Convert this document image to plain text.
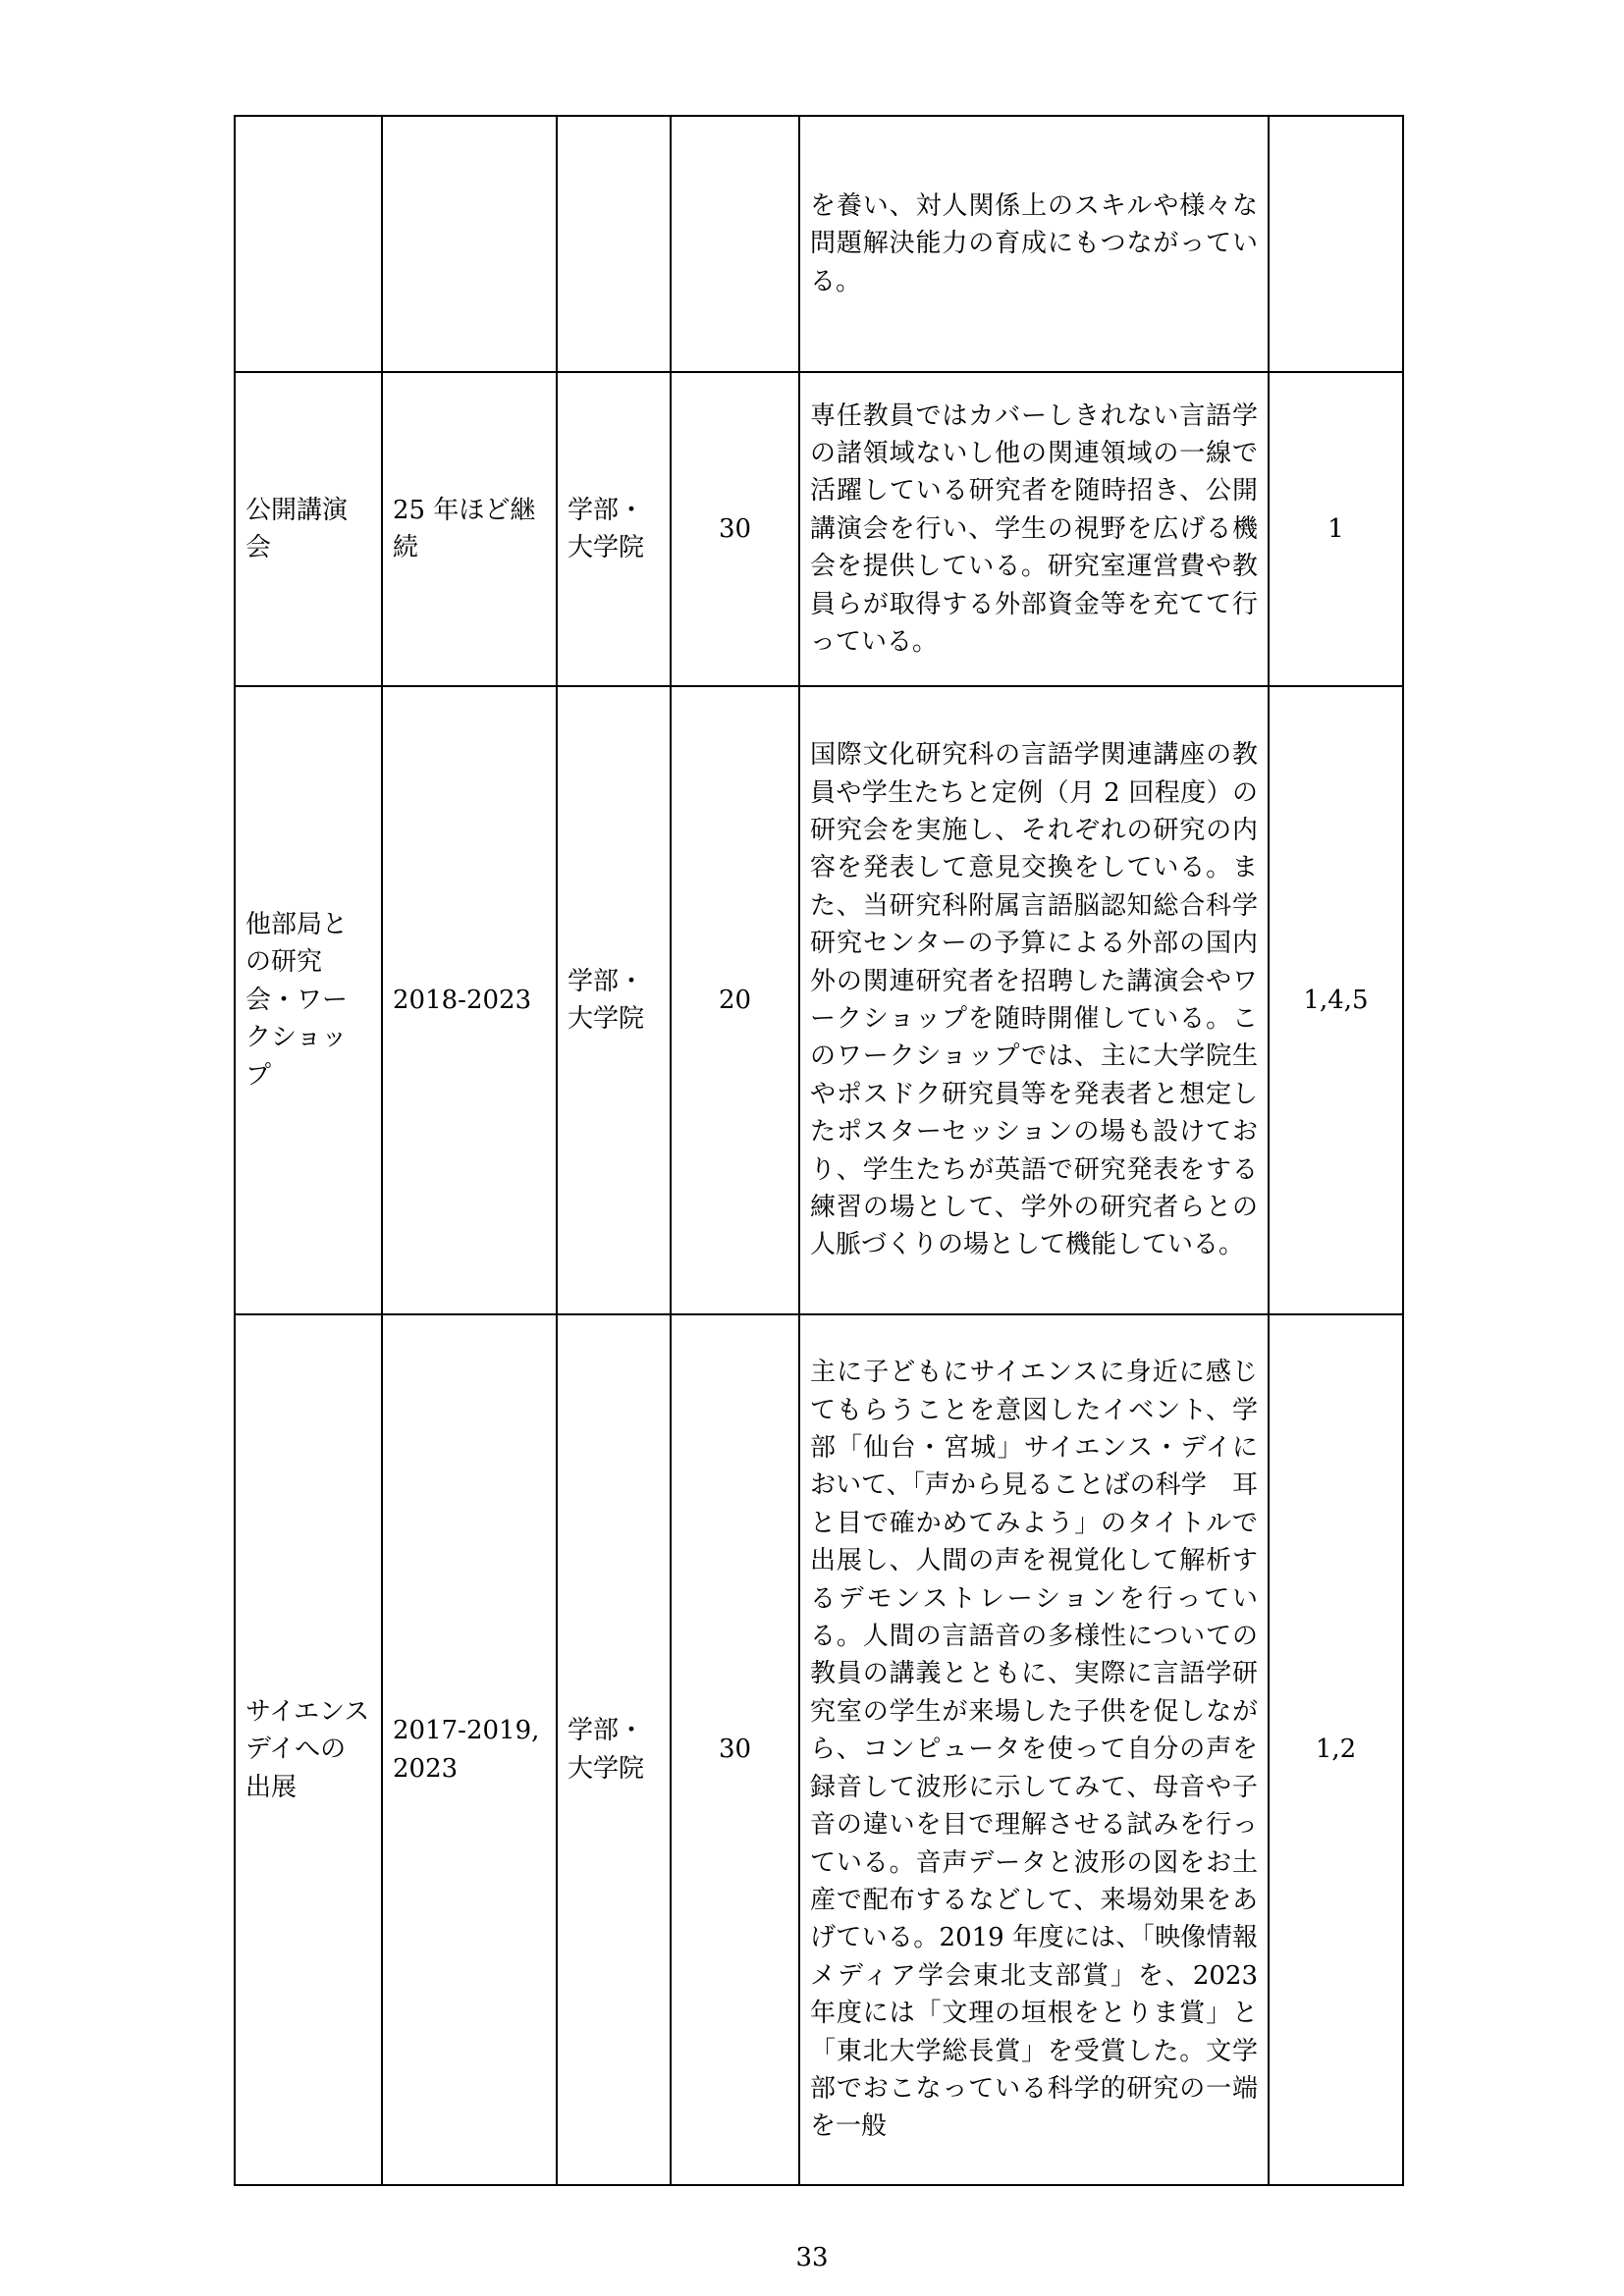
				を養い、対人関係上のスキルや様々な問題解決能力の育成にもつながっている。	
公開講演会	25 年ほど継続	学部・大学院	30	専任教員ではカバーしきれない言語学の諸領域ないし他の関連領域の一線で活躍している研究者を随時招き、公開講演会を行い、学生の視野を広げる機会を提供している。研究室運営費や教員らが取得する外部資金等を充てて行っている。	1
他部局との研究会・ワークショップ	2018-2023	学部・大学院	20	国際文化研究科の言語学関連講座の教員や学生たちと定例（月 2 回程度）の研究会を実施し、それぞれの研究の内容を発表して意見交換をしている。また、当研究科附属言語脳認知総合科学研究センターの予算による外部の国内外の関連研究者を招聘した講演会やワークショップを随時開催している。このワークショップでは、主に大学院生やポスドク研究員等を発表者と想定したポスターセッションの場も設けており、学生たちが英語で研究発表をする練習の場として、学外の研究者らとの人脈づくりの場として機能している。	1,4,5
サイエンスデイへの出展	2017-2019, 2023	学部・大学院	30	主に子どもにサイエンスに身近に感じてもらうことを意図したイベント、学部「仙台・宮城」サイエンス・デイにおいて、「声から見ることばの科学　耳と目で確かめてみよう」のタイトルで出展し、人間の声を視覚化して解析するデモンストレーションを行っている。人間の言語音の多様性についての教員の講義とともに、実際に言語学研究室の学生が来場した子供を促しながら、コンピュータを使って自分の声を録音して波形に示してみて、母音や子音の違いを目で理解させる試みを行っている。音声データと波形の図をお土産で配布するなどして、来場効果をあげている。2019 年度には、「映像情報メディア学会東北支部賞」を、2023 年度には「文理の垣根をとりま賞」と「東北大学総長賞」を受賞した。文学部でおこなっている科学的研究の一端を一般	1,2
33
